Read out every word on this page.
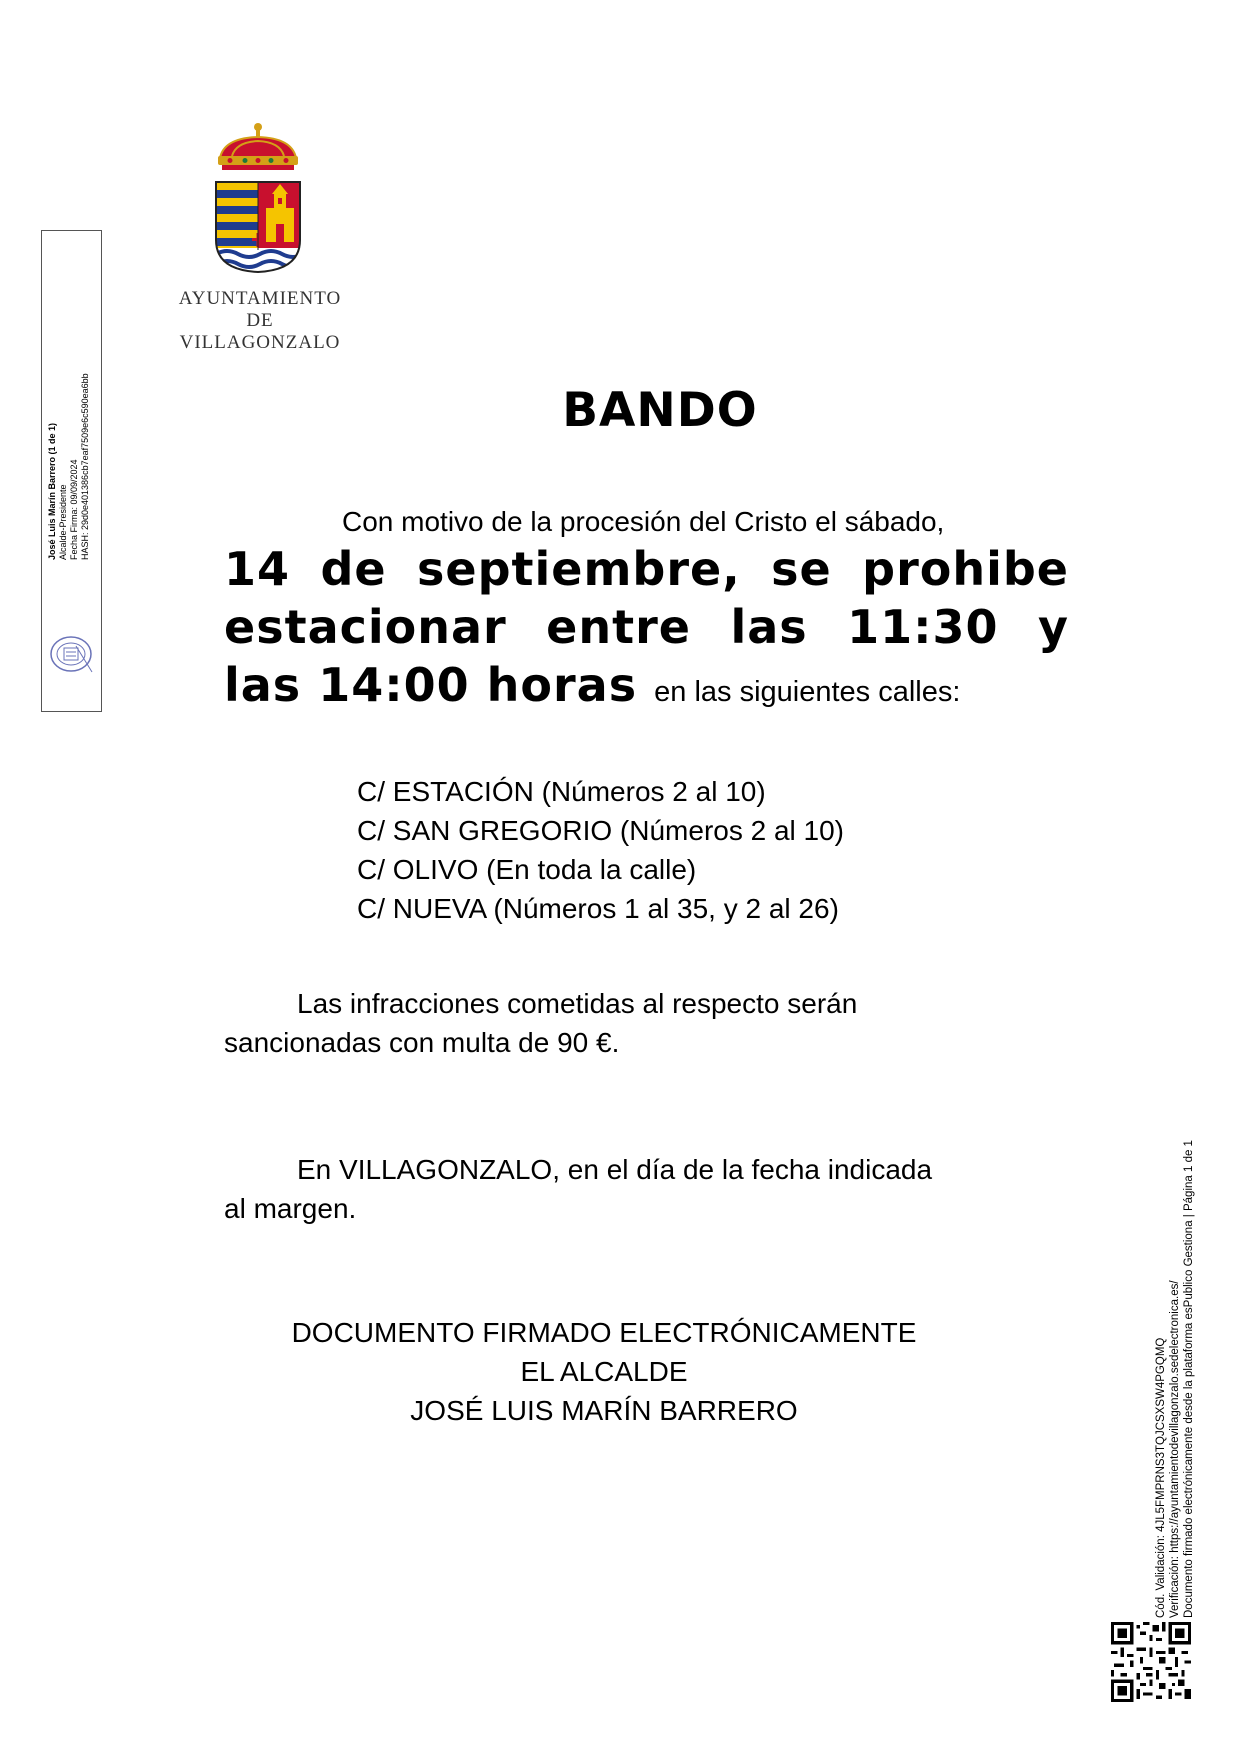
José Luis Marín Barrero (1 de 1) Alcalde-Presidente Fecha Firma: 09/09/2024 HASH: 29d0e401386cb7eaf7509e6c590ea6bb
AYUNTAMIENTO
DE
VILLAGONZALO
BANDO
Con motivo de la procesión del Cristo el sábado,
14 de septiembre, se prohibe
estacionar entre las 11:30 y
las 14:00 horas en las siguientes calles:
C/ ESTACIÓN (Números 2 al 10)
C/ SAN GREGORIO (Números 2 al 10)
C/ OLIVO (En toda la calle)
C/ NUEVA (Números 1 al 35, y 2 al 26)
Las infracciones cometidas al respecto serán
sancionadas con multa de 90 €.
En VILLAGONZALO, en el día de la fecha indicada
al margen.
DOCUMENTO FIRMADO ELECTRÓNICAMENTE
EL ALCALDE
JOSÉ LUIS MARÍN BARRERO	Cód. Validación: 4JL5FMPRNS3TQJCSXSW4PGQMQ Verificación: https://ayuntamientodevillagonzalo.sedelectronica.es/ Documento firmado electrónicamente desde la plataforma esPublico Gestiona | Página 1 de 1
